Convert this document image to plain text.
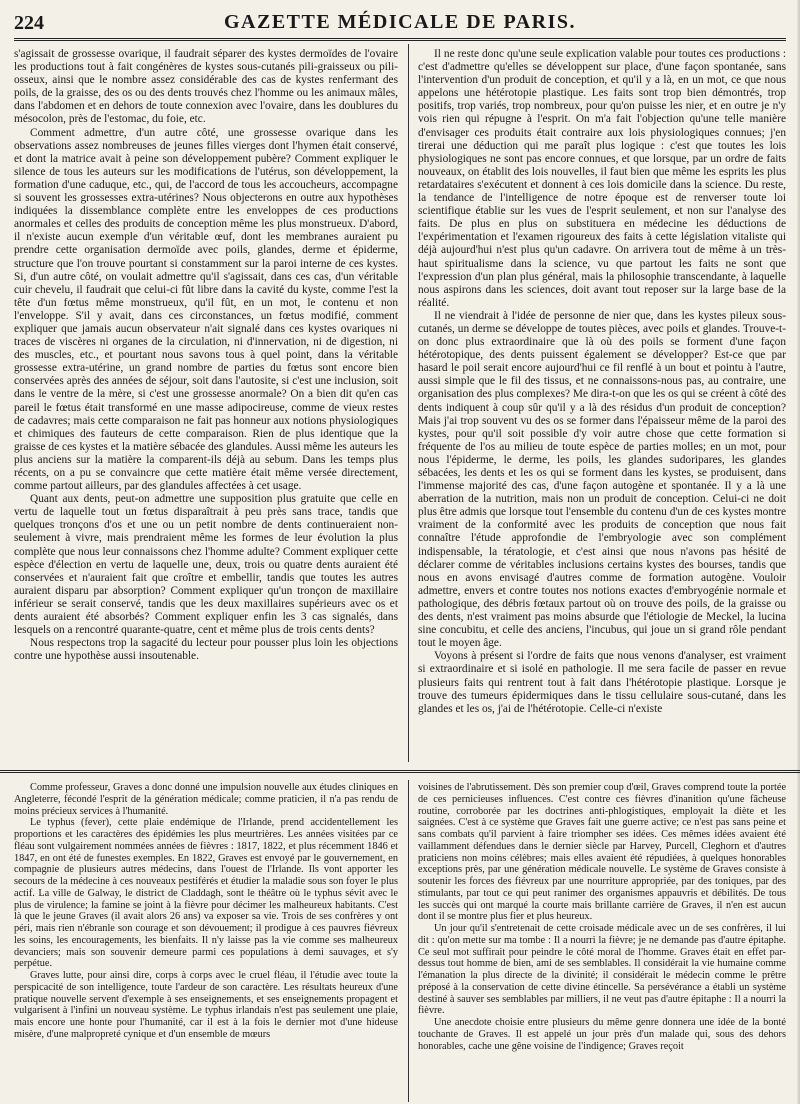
224	GAZETTE MÉDICALE DE PARIS.

s'agissait de grossesse ovarique, il faudrait séparer des kystes dermoïdes de l'ovaire les productions tout à fait congénères de kystes sous-cutanés pili-graisseux ou pili-osseux, ainsi que le nombre assez considérable des cas de kystes renfermant des poils, de la graisse, des os ou des dents trouvés chez l'homme ou les animaux mâles, dans l'abdomen et en dehors de toute connexion avec l'ovaire, dans les doublures du mésocolon, près de l'estomac, du foie, etc.

Comment admettre, d'un autre côté, une grossesse ovarique dans les observations assez nombreuses de jeunes filles vierges dont l'hymen était conservé, et dont la matrice avait à peine son développement pubère? Comment expliquer le silence de tous les auteurs sur les modifications de l'utérus, son développement, la formation d'une caduque, etc., qui, de l'accord de tous les accoucheurs, accompagne si souvent les grossesses extra-utérines? Nous objecterons en outre aux hypothèses indiquées la dissemblance complète entre les enveloppes de ces productions anormales et celles des produits de conception même les plus monstrueux. D'abord, il n'existe aucun exemple d'un véritable œuf, dont les membranes auraient pu prendre cette organisation dermoïde avec poils, glandes, derme et épiderme, structure que l'on trouve pourtant si constamment sur la paroi interne de ces kystes. Si, d'un autre côté, on voulait admettre qu'il s'agissait, dans ces cas, d'un véritable cuir chevelu, il faudrait que celui-ci fût libre dans la cavité du kyste, comme l'est la tête d'un fœtus même monstrueux, qu'il fût, en un mot, le contenu et non l'enveloppe. S'il y avait, dans ces circonstances, un fœtus modifié, comment expliquer que jamais aucun observateur n'ait signalé dans ces kystes ovariques ni traces de viscères ni organes de la circulation, ni d'innervation, ni de digestion, ni des muscles, etc., et pourtant nous savons tous à quel point, dans la véritable grossesse extra-utérine, un grand nombre de parties du fœtus sont encore bien conservées après des années de séjour, soit dans l'autosite, si c'est une inclusion, soit dans le ventre de la mère, si c'est une grossesse anormale? On a bien dit qu'en cas pareil le fœtus était transformé en une masse adipocireuse, comme de vieux restes de cadavres; mais cette comparaison ne fait pas honneur aux notions physiologiques et chimiques des fauteurs de cette comparaison. Rien de plus identique que la graisse de ces kystes et la matière sébacée des glandules. Aussi même les auteurs les plus anciens sur la matière la comparent-ils déjà au sebum. Dans les temps plus récents, on a pu se convaincre que cette matière était même versée directement, comme partout ailleurs, par des glandules affectées à cet usage.

Quant aux dents, peut-on admettre une supposition plus gratuite que celle en vertu de laquelle tout un fœtus disparaîtrait à peu près sans trace, tandis que quelques tronçons d'os et une ou un petit nombre de dents continueraient non-seulement à vivre, mais prendraient même les formes de leur évolution la plus complète que nous leur connaissons chez l'homme adulte? Comment expliquer cette espèce d'élection en vertu de laquelle une, deux, trois ou quatre dents auraient été conservées et n'auraient fait que croître et embellir, tandis que toutes les autres auraient disparu par absorption? Comment expliquer qu'un tronçon de maxillaire inférieur se serait conservé, tandis que les deux maxillaires supérieurs avec os et dents auraient été absorbés? Comment expliquer enfin les 3 cas signalés, dans lesquels on a rencontré quarante-quatre, cent et même plus de trois cents dents?

Nous respectons trop la sagacité du lecteur pour pousser plus loin les objections contre une hypothèse aussi insoutenable.

Il ne reste donc qu'une seule explication valable pour toutes ces productions : c'est d'admettre qu'elles se développent sur place, d'une façon spontanée, sans l'intervention d'un produit de conception, et qu'il y a là, en un mot, ce que nous appelons une hétérotopie plastique. Les faits sont trop bien démontrés, trop positifs, trop variés, trop nombreux, pour qu'on puisse les nier, et en outre je n'y vois rien qui répugne à l'esprit. On m'a fait l'objection qu'une telle manière d'envisager ces produits était contraire aux lois physiologiques connues; j'en tirerai une déduction qui me paraît plus logique : c'est que toutes les lois physiologiques ne sont pas encore connues, et que lorsque, par un ordre de faits nouveaux, on établit des lois nouvelles, il faut bien que même les esprits les plus retardataires s'exécutent et donnent à ces lois domicile dans la science. Du reste, la tendance de l'intelligence de notre époque est de renverser toute loi scientifique établie sur les vues de l'esprit seulement, et non sur l'analyse des faits. De plus en plus on substituera en médecine les déductions de l'expérimentation et l'examen rigoureux des faits à cette législation vitaliste qui déjà aujourd'hui n'est plus qu'un cadavre. On arrivera tout de même à un très-haut spiritualisme dans la science, vu que partout les faits ne sont que l'expression d'un plan plus général, mais la philosophie transcendante, à laquelle nous aspirons dans les sciences, doit avant tout reposer sur la large base de la réalité.

Il ne viendrait à l'idée de personne de nier que, dans les kystes pileux sous-cutanés, un derme se développe de toutes pièces, avec poils et glandes. Trouve-t-on donc plus extraordinaire que là où des poils se forment d'une façon hétérotopique, des dents puissent également se développer? Est-ce que par hasard le poil serait encore aujourd'hui ce fil renflé à un bout et pointu à l'autre, aussi simple que le fil des tissus, et ne connaissons-nous pas, au contraire, une organisation des plus complexes? Me dira-t-on que les os qui se créent à côté des dents indiquent à coup sûr qu'il y a là des résidus d'un produit de conception? Mais j'ai trop souvent vu des os se former dans l'épaisseur même de la paroi des kystes, pour qu'il soit possible d'y voir autre chose que cette formation si fréquente de l'os au milieu de toute espèce de parties molles; en un mot, pour nous l'épiderme, le derme, les poils, les glandes sudoripares, les glandes sébacées, les dents et les os qui se forment dans les kystes, se produisent, dans l'immense majorité des cas, d'une façon autogène et spontanée. Il y a là une aberration de la nutrition, mais non un produit de conception. Celui-ci ne doit plus être admis que lorsque tout l'ensemble du contenu d'un de ces kystes montre vraiment de la conformité avec les produits de conception que nous fait connaître l'étude approfondie de l'embryologie avec son complément indispensable, la tératologie, et c'est ainsi que nous n'avons pas hésité de déclarer comme de véritables inclusions certains kystes des bourses, tandis que nous en avons envisagé d'autres comme de formation autogène. Vouloir admettre, envers et contre toutes nos notions exactes d'embryogénie normale et pathologique, des débris fœtaux partout où on trouve des poils, de la graisse ou des dents, n'est vraiment pas moins absurde que l'étiologie de Meckel, la lucina sine concubitu, et celle des anciens, l'incubus, qui joue un si grand rôle pendant tout le moyen âge.

Voyons à présent si l'ordre de faits que nous venons d'analyser, est vraiment si extraordinaire et si isolé en pathologie. Il me sera facile de passer en revue plusieurs faits qui rentrent tout à fait dans l'hétérotopie plastique. Lorsque je trouve des tumeurs épidermiques dans le tissu cellulaire sous-cutané, dans les glandes et les os, j'ai de l'hétérotopie. Celle-ci n'existe

Comme professeur, Graves a donc donné une impulsion nouvelle aux études cliniques en Angleterre, fécondé l'esprit de la génération médicale; comme praticien, il n'a pas rendu de moins précieux services à l'humanité.

Le typhus (fever), cette plaie endémique de l'Irlande, prend accidentellement les proportions et les caractères des épidémies les plus meurtrières. Les années visitées par ce fléau sont vulgairement nommées années de fièvres : 1817, 1822, et plus récemment 1846 et 1847, en ont été de funestes exemples. En 1822, Graves est envoyé par le gouvernement, en compagnie de plusieurs autres médecins, dans l'ouest de l'Irlande. Ils vont apporter les secours de la médecine à ces nouveaux pestiférés et étudier la maladie sous son foyer le plus actif. La ville de Galway, le district de Claddagh, sont le théâtre où le typhus sévit avec le plus de virulence; la famine se joint à la fièvre pour décimer les malheureux habitants. C'est là que le jeune Graves (il avait alors 26 ans) va exposer sa vie. Trois de ses confrères y ont péri, mais rien n'ébranle son courage et son dévouement; il prodigue à ces pauvres fiévreux les soins, les encouragements, les bienfaits. Il n'y laisse pas la vie comme ses malheureux devanciers; mais son souvenir demeure parmi ces populations à demi sauvages, et s'y perpétue.

Graves lutte, pour ainsi dire, corps à corps avec le cruel fléau, il l'étudie avec toute la perspicacité de son intelligence, toute l'ardeur de son caractère. Les résultats heureux d'une pratique nouvelle servent d'exemple à ses enseignements, et ses enseignements propagent et vulgarisent à l'infini un nouveau système. Le typhus irlandais n'est pas seulement une plaie, mais encore une honte pour l'humanité, car il est à la fois le dernier mot d'une hideuse misère, d'une malpropreté cynique et d'un ensemble de mœurs

voisines de l'abrutissement. Dès son premier coup d'œil, Graves comprend toute la portée de ces pernicieuses influences. C'est contre ces fièvres d'inanition qu'une fâcheuse routine, corroborée par les doctrines anti-phlogistiques, employait la diète et les saignées. C'est à ce système que Graves fait une guerre active; ce n'est pas sans peine et sans combats qu'il parvient à faire triompher ses idées. Ces mêmes idées avaient été vaillamment défendues dans le dernier siècle par Harvey, Purcell, Cleghorn et d'autres praticiens non moins célèbres; mais elles avaient été répudiées, à quelques honorables exceptions près, par une génération médicale nouvelle. Le système de Graves consiste à soutenir les forces des fiévreux par une nourriture appropriée, par des toniques, par des stimulants, par tout ce qui peut ranimer des organismes appauvris et débilités. De tous les succès qui ont marqué la courte mais brillante carrière de Graves, il n'en est aucun dont il se montre plus fier et plus heureux.

Un jour qu'il s'entretenait de cette croisade médicale avec un de ses confrères, il lui dit : qu'on mette sur ma tombe : Il a nourri la fièvre; je ne demande pas d'autre épitaphe. Ce seul mot suffirait pour peindre le côté moral de l'homme. Graves était en effet par-dessus tout homme de bien, ami de ses semblables. Il considérait la vie humaine comme l'émanation la plus directe de la divinité; il considérait le médecin comme le prêtre préposé à la conservation de cette divine étincelle. Sa persévérance a établi un système destiné à sauver ses semblables par milliers, il ne veut pas d'autre épitaphe : Il a nourri la fièvre.

Une anecdote choisie entre plusieurs du même genre donnera une idée de la bonté touchante de Graves. Il est appelé un jour près d'un malade qui, sous des dehors honorables, cache une gêne voisine de l'indigence; Graves reçoit
